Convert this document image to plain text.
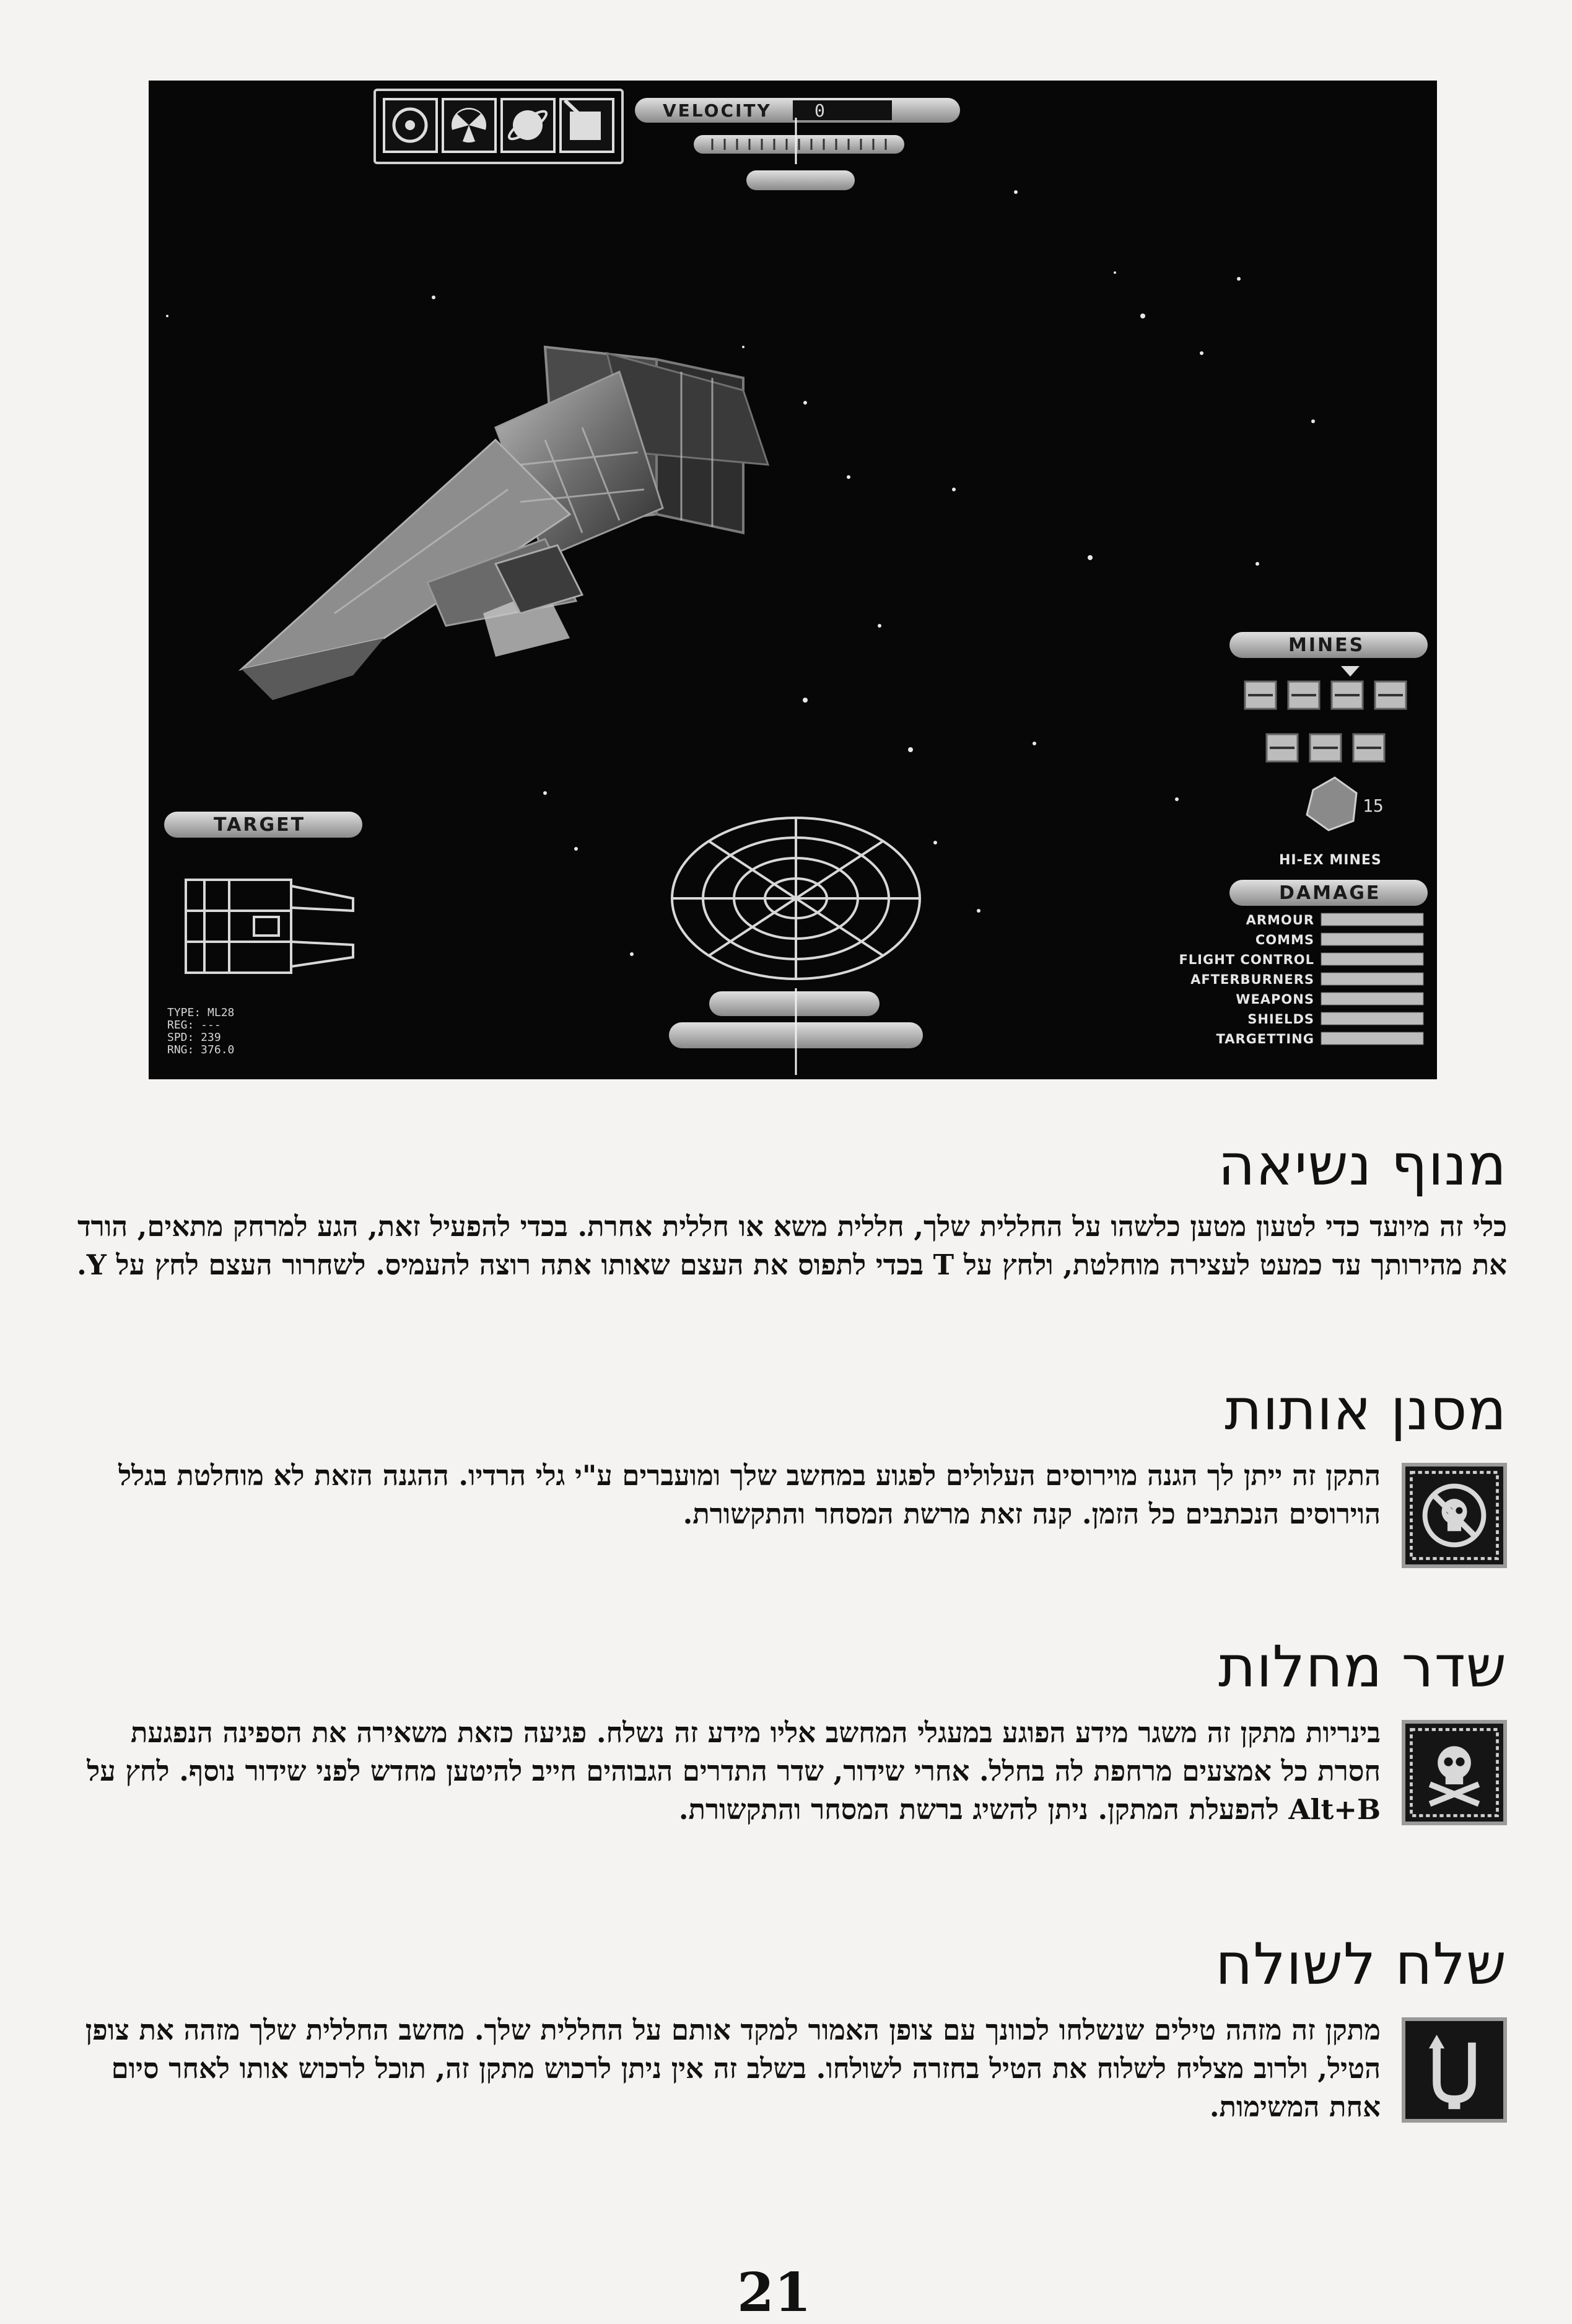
VELOCITY 0
MINES
15
HI-EX MINES
DAMAGE
ARMOUR
COMMS
FLIGHT CONTROL
AFTERBURNERS
WEAPONS
SHIELDS
TARGETTING
TARGET
TYPE: ML28
REG: ---
SPD: 239
RNG: 376.0
מנוף נשיאה

כלי זה מיועד כדי לטעון מטען כלשהו על החללית שלך, חללית משא או חללית אחרת. בכדי להפעיל זאת, הגע למרחק מתאים, הורד את מהירותך עד כמעט לעצירה מוחלטת, ולחץ על T בכדי לתפוס את העצם שאותו אתה רוצה להעמיס. לשחרור העצם לחץ על Y.

מסנן אותות

התקן זה ייתן לך הגנה מוירוסים העלולים לפגוע במחשב שלך ומועברים ע"י גלי הרדיו. ההגנה הזאת לא מוחלטת בגלל הוירוסים הנכתבים כל הזמן. קנה זאת מרשת המסחר והתקשורת.

שדר מחלות

בינריות מתקן זה משגר מידע הפוגע במעגלי המחשב אליו מידע זה נשלח. פגיעה כזאת משאירה את הספינה הנפגעת חסרת כל אמצעים מרחפת לה בחלל. אחרי שידור, שדר התדרים הגבוהים חייב להיטען מחדש לפני שידור נוסף. לחץ על Alt+B להפעלת המתקן. ניתן להשיג ברשת המסחר והתקשורת.

שלח לשולח

מתקן זה מזהה טילים שנשלחו לכוונך עם צופן האמור למקד אותם על החללית שלך. מחשב החללית שלך מזהה את צופן הטיל, ולרוב מצליח לשלוח את הטיל בחזרה לשולחו. בשלב זה אין ניתן לרכוש מתקן זה, תוכל לרכוש אותו לאחר סיום אחת המשימות.

21
